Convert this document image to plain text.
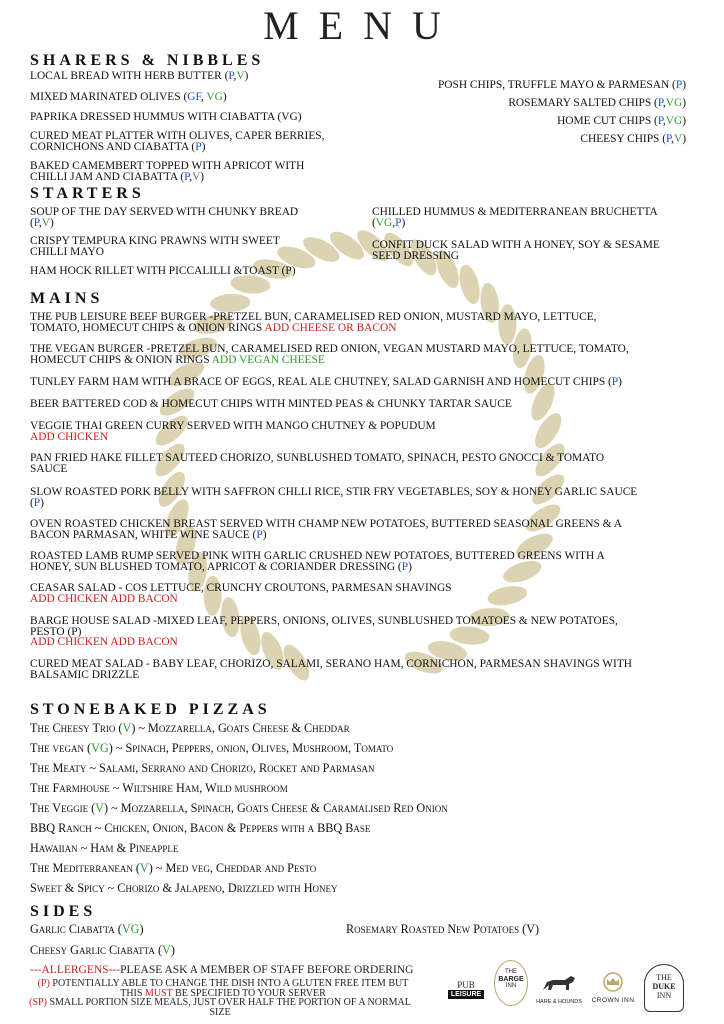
MENU
SHARERS & NIBBLES
LOCAL BREAD WITH HERB BUTTER (P,V)
MIXED MARINATED OLIVES (GF, VG)
PAPRIKA DRESSED HUMMUS WITH CIABATTA (VG)
CURED MEAT PLATTER WITH OLIVES, CAPER BERRIES,
CORNICHONS AND CIABATTA (P)
BAKED CAMEMBERT TOPPED WITH APRICOT WITH
CHILLI JAM AND CIABATTA (P,V)
POSH CHIPS, TRUFFLE MAYO & PARMESAN (P)
ROSEMARY SALTED CHIPS (P,VG)
HOME CUT CHIPS (P,VG)
CHEESY CHIPS (P,V)
STARTERS
SOUP OF THE DAY SERVED WITH CHUNKY BREAD
(P,V)
CRISPY TEMPURA KING PRAWNS WITH SWEET
CHILLI MAYO
HAM HOCK RILLET WITH PICCALILLI &TOAST (P)
CHILLED HUMMUS & MEDITERRANEAN BRUCHETTA
(VG,P)
CONFIT DUCK SALAD WITH A HONEY, SOY & SESAME
SEED DRESSING
MAINS
THE PUB LEISURE BEEF BURGER -PRETZEL BUN, CARAMELISED RED ONION, MUSTARD MAYO, LETTUCE,
TOMATO, HOMECUT CHIPS & ONION RINGS ADD CHEESE OR BACON
THE VEGAN BURGER -PRETZEL BUN, CARAMELISED RED ONION, VEGAN MUSTARD MAYO, LETTUCE, TOMATO,
HOMECUT CHIPS & ONION RINGS ADD VEGAN CHEESE
TUNLEY FARM HAM WITH A BRACE OF EGGS, REAL ALE CHUTNEY, SALAD GARNISH AND HOMECUT CHIPS (P)
BEER BATTERED COD & HOMECUT CHIPS WITH MINTED PEAS & CHUNKY TARTAR SAUCE
VEGGIE THAI GREEN CURRY SERVED WITH MANGO CHUTNEY & POPUDUM
ADD CHICKEN
PAN FRIED HAKE FILLET SAUTEED CHORIZO, SUNBLUSHED TOMATO, SPINACH, PESTO GNOCCI & TOMATO
SAUCE
SLOW ROASTED PORK BELLY WITH SAFFRON CHLLI RICE, STIR FRY VEGETABLES, SOY & HONEY GARLIC SAUCE
(P)
OVEN ROASTED CHICKEN BREAST SERVED WITH CHAMP NEW POTATOES, BUTTERED SEASONAL GREENS & A
BACON PARMASAN, WHITE WINE SAUCE (P)
ROASTED LAMB RUMP SERVED PINK WITH GARLIC CRUSHED NEW POTATOES, BUTTERED GREENS WITH A
HONEY, SUN BLUSHED TOMATO, APRICOT & CORIANDER DRESSING (P)
CEASAR SALAD - COS LETTUCE, CRUNCHY CROUTONS, PARMESAN SHAVINGS
ADD CHICKEN ADD BACON
BARGE HOUSE SALAD -MIXED LEAF, PEPPERS, ONIONS, OLIVES, SUNBLUSHED TOMATOES & NEW POTATOES,
PESTO (P)
ADD CHICKEN ADD BACON
CURED MEAT SALAD - BABY LEAF, CHORIZO, SALAMI, SERANO HAM, CORNICHON, PARMESAN SHAVINGS WITH
BALSAMIC DRIZZLE
STONEBAKED PIZZAS
The Cheesy Trio (V) ~ Mozzarella, Goats Cheese & Cheddar
The vegan (VG) ~ Spinach, Peppers, onion, Olives, Mushroom, Tomato
The Meaty ~ Salami, Serrano and Chorizo, Rocket and Parmasan
The Farmhouse ~ Wiltshire Ham, Wild mushroom
The Veggie (V) ~ Mozzarella, Spinach, Goats Cheese & Caramalised Red Onion
BBQ Ranch ~ Chicken, Onion, Bacon & Peppers with a BBQ Base
Hawaiian ~ Ham & Pineapple
The Mediterranean (V) ~ Med veg, Cheddar and Pesto
Sweet & Spicy ~ Chorizo & Jalapeno, Drizzled with Honey
SIDES
Garlic Ciabatta (VG)
Cheesy Garlic Ciabatta (V)
Rosemary Roasted New Potatoes (V)
---ALLERGENS---PLEASE ASK A MEMBER OF STAFF BEFORE ORDERING
(P) POTENTIALLY ABLE TO CHANGE THE DISH INTO A GLUTEN FREE ITEM BUT
THIS MUST BE SPECIFIED TO YOUR SERVER
(SP) SMALL PORTION SIZE MEALS, JUST OVER HALF THE PORTION OF A NORMAL
SIZE
PUB
LEISURE
THE
BARGE
INN
HARE & HOUNDS CROWN INN
THE
DUKE
INN
